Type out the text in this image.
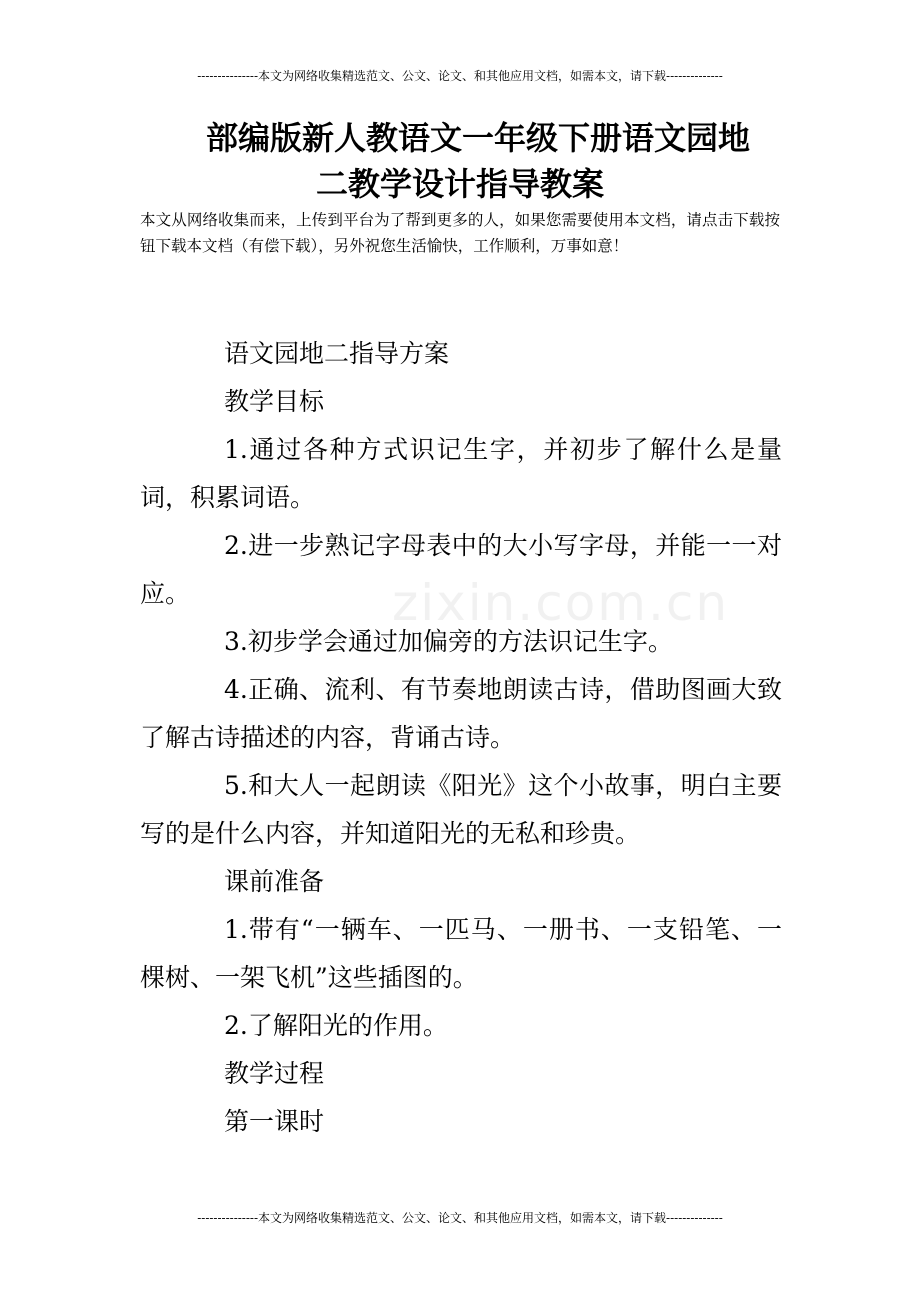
---------------本文为网络收集精选范文、公文、论文、和其他应用文档，如需本文，请下载--------------
部编版新人教语文一年级下册语文园地
二教学设计指导教案
本文从网络收集而来，上传到平台为了帮到更多的人，如果您需要使用本文档，请点击下载按钮下载本文档（有偿下载），另外祝您生活愉快，工作顺利，万事如意！
zixin.com.cn

语文园地二指导方案

教学目标

1.通过各种方式识记生字，并初步了解什么是量词，积累词语。

2.进一步熟记字母表中的大小写字母，并能一一对应。

3.初步学会通过加偏旁的方法识记生字。

4.正确、流利、有节奏地朗读古诗，借助图画大致了解古诗描述的内容，背诵古诗。

5.和大人一起朗读《阳光》这个小故事，明白主要写的是什么内容，并知道阳光的无私和珍贵。

课前准备

1.带有“一辆车、一匹马、一册书、一支铅笔、一棵树、一架飞机”这些插图的。

2.了解阳光的作用。

教学过程

第一课时

---------------本文为网络收集精选范文、公文、论文、和其他应用文档，如需本文，请下载--------------
